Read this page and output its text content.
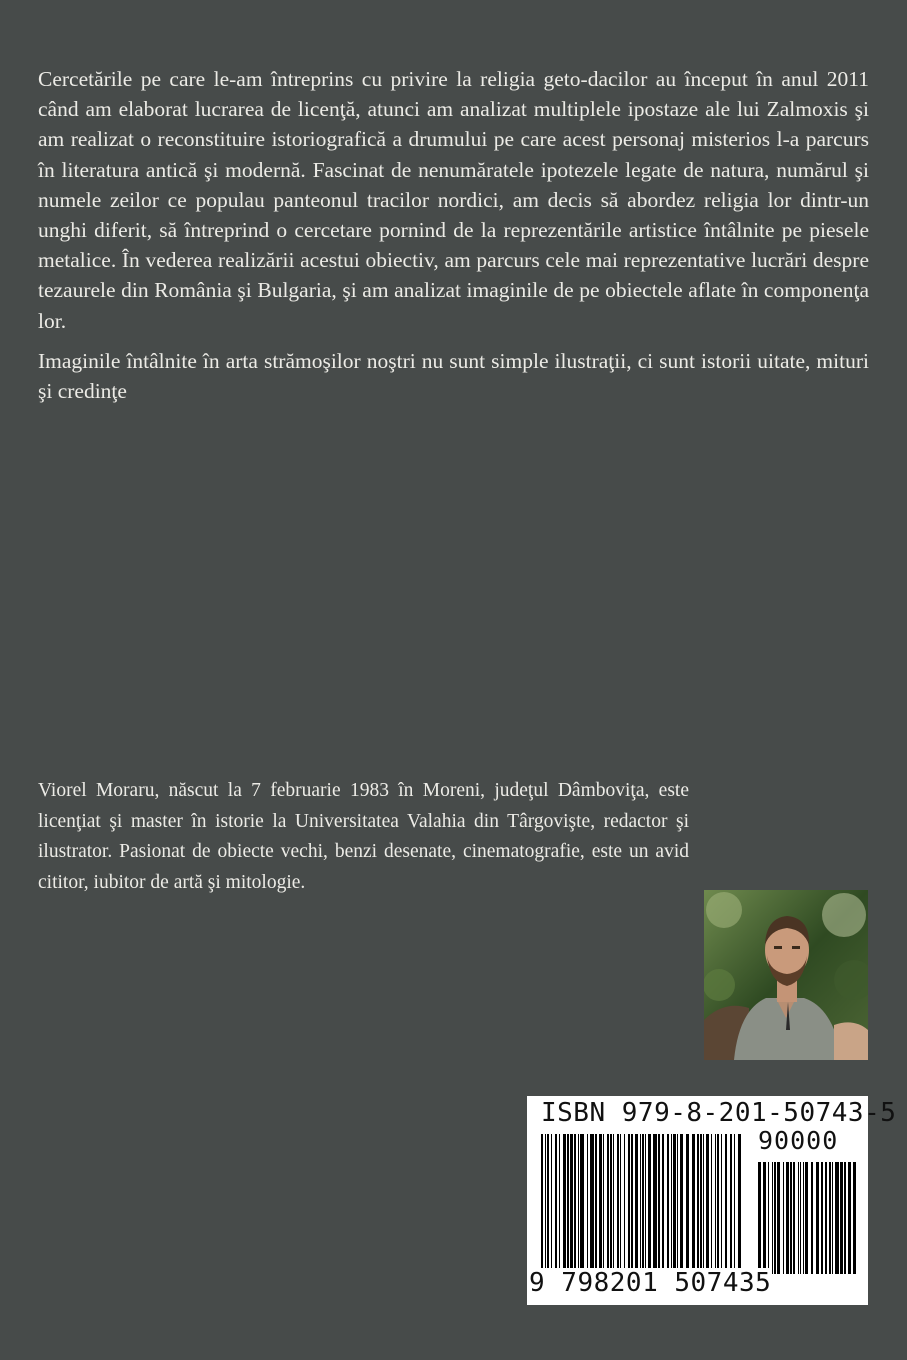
Cercetările pe care le-am întreprins cu privire la religia geto-dacilor au început în anul 2011 când am elaborat lucrarea de licenţă, atunci am analizat multiplele ipostaze ale lui Zalmoxis şi am realizat o reconstituire istoriografică a drumului pe care acest personaj misterios l-a parcurs în literatura antică şi modernă. Fascinat de nenumăratele ipotezele legate de natura, numărul şi numele zeilor ce populau panteonul tracilor nordici, am decis să abordez religia lor dintr-un unghi diferit, să întreprind o cercetare pornind de la reprezentările artistice întâlnite pe piesele metalice. În vederea realizării acestui obiectiv, am parcurs cele mai reprezentative lucrări despre tezaurele din România şi Bulgaria, şi am analizat imaginile de pe obiectele aflate în componenţa lor.

Imaginile întâlnite în arta strămoşilor noştri nu sunt simple ilustraţii, ci sunt istorii uitate, mituri şi credinţe

Viorel Moraru, născut la 7 februarie 1983 în Moreni, judeţul Dâmboviţa, este licenţiat şi master în istorie la Universitatea Valahia din Târgovişte, redactor şi ilustrator. Pasionat de obiecte vechi, benzi desenate, cinematografie, este un avid cititor, iubitor de artă şi mitologie.

ISBN 979-8-201-50743-5
90000
9 798201 507435
